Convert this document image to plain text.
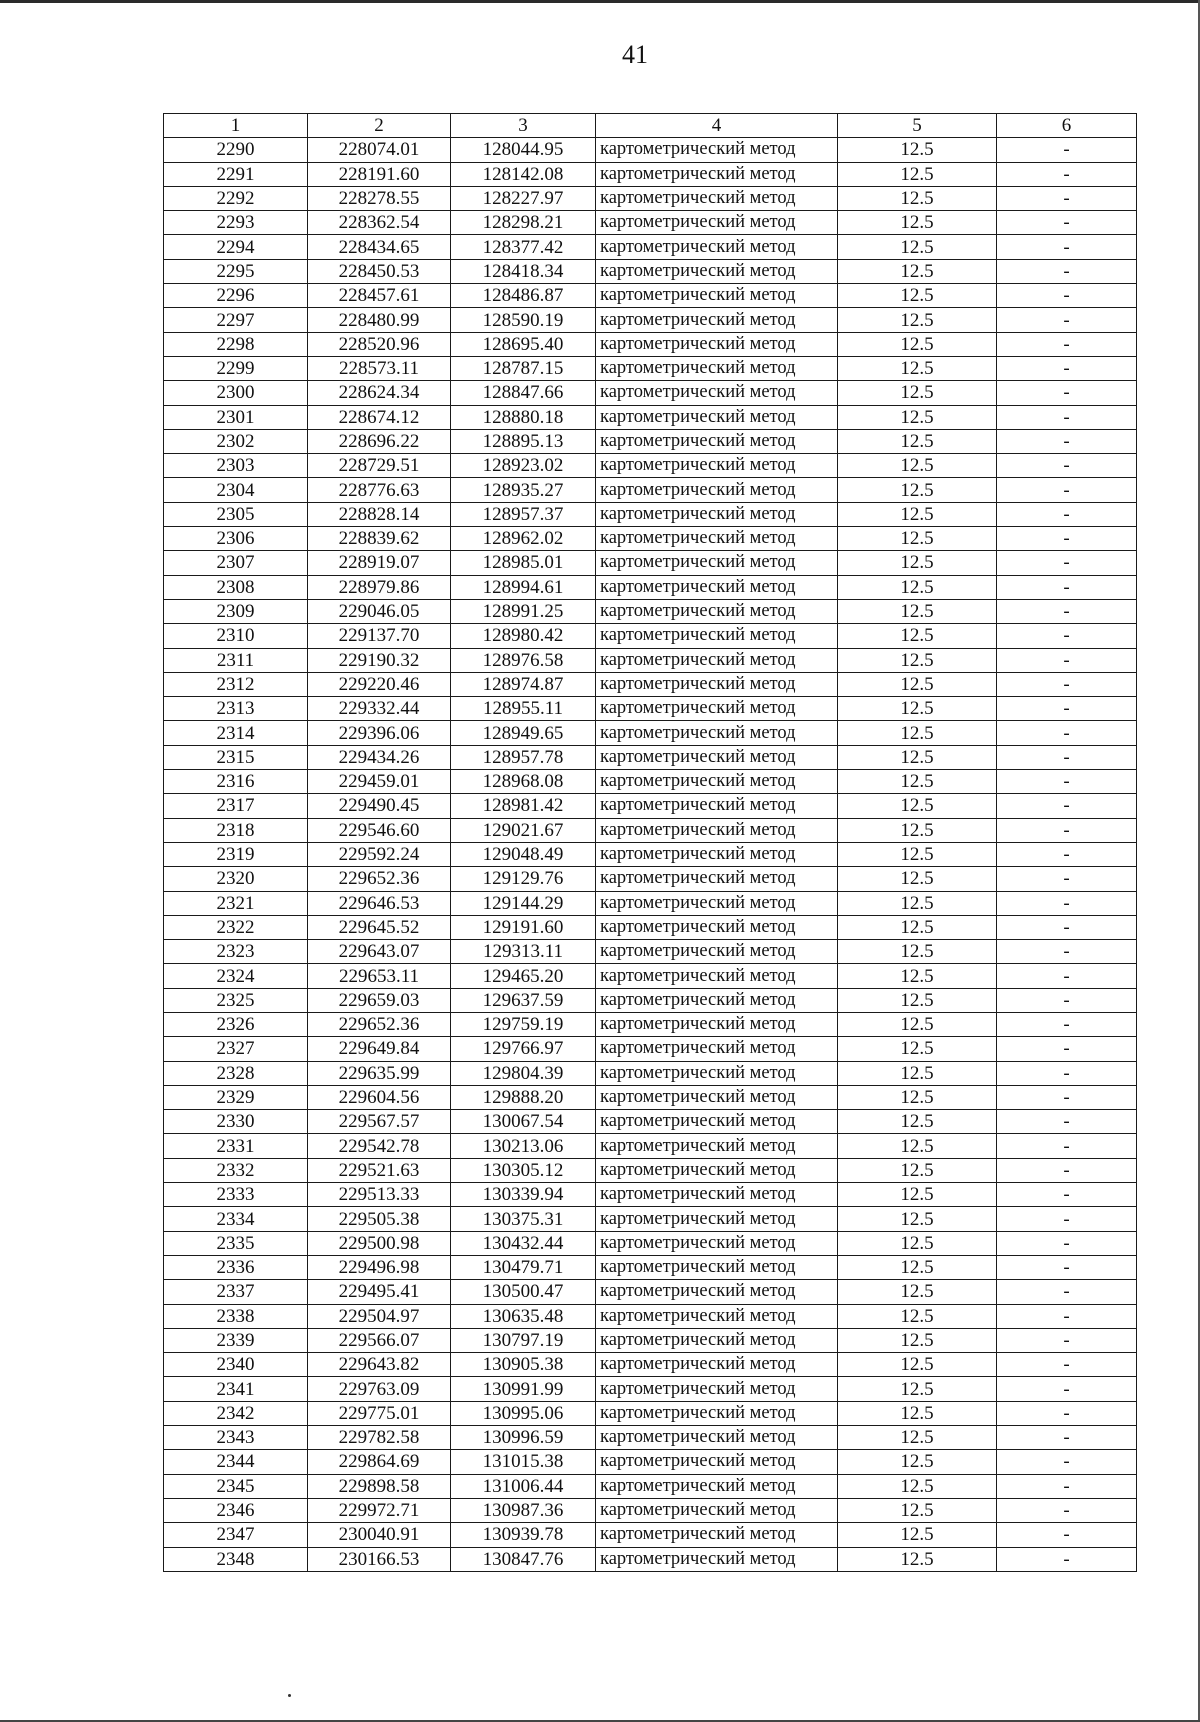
41
1	2	3	4	5	6
2290	228074.01	128044.95	картометрический метод	12.5	-
2291	228191.60	128142.08	картометрический метод	12.5	-
2292	228278.55	128227.97	картометрический метод	12.5	-
2293	228362.54	128298.21	картометрический метод	12.5	-
2294	228434.65	128377.42	картометрический метод	12.5	-
2295	228450.53	128418.34	картометрический метод	12.5	-
2296	228457.61	128486.87	картометрический метод	12.5	-
2297	228480.99	128590.19	картометрический метод	12.5	-
2298	228520.96	128695.40	картометрический метод	12.5	-
2299	228573.11	128787.15	картометрический метод	12.5	-
2300	228624.34	128847.66	картометрический метод	12.5	-
2301	228674.12	128880.18	картометрический метод	12.5	-
2302	228696.22	128895.13	картометрический метод	12.5	-
2303	228729.51	128923.02	картометрический метод	12.5	-
2304	228776.63	128935.27	картометрический метод	12.5	-
2305	228828.14	128957.37	картометрический метод	12.5	-
2306	228839.62	128962.02	картометрический метод	12.5	-
2307	228919.07	128985.01	картометрический метод	12.5	-
2308	228979.86	128994.61	картометрический метод	12.5	-
2309	229046.05	128991.25	картометрический метод	12.5	-
2310	229137.70	128980.42	картометрический метод	12.5	-
2311	229190.32	128976.58	картометрический метод	12.5	-
2312	229220.46	128974.87	картометрический метод	12.5	-
2313	229332.44	128955.11	картометрический метод	12.5	-
2314	229396.06	128949.65	картометрический метод	12.5	-
2315	229434.26	128957.78	картометрический метод	12.5	-
2316	229459.01	128968.08	картометрический метод	12.5	-
2317	229490.45	128981.42	картометрический метод	12.5	-
2318	229546.60	129021.67	картометрический метод	12.5	-
2319	229592.24	129048.49	картометрический метод	12.5	-
2320	229652.36	129129.76	картометрический метод	12.5	-
2321	229646.53	129144.29	картометрический метод	12.5	-
2322	229645.52	129191.60	картометрический метод	12.5	-
2323	229643.07	129313.11	картометрический метод	12.5	-
2324	229653.11	129465.20	картометрический метод	12.5	-
2325	229659.03	129637.59	картометрический метод	12.5	-
2326	229652.36	129759.19	картометрический метод	12.5	-
2327	229649.84	129766.97	картометрический метод	12.5	-
2328	229635.99	129804.39	картометрический метод	12.5	-
2329	229604.56	129888.20	картометрический метод	12.5	-
2330	229567.57	130067.54	картометрический метод	12.5	-
2331	229542.78	130213.06	картометрический метод	12.5	-
2332	229521.63	130305.12	картометрический метод	12.5	-
2333	229513.33	130339.94	картометрический метод	12.5	-
2334	229505.38	130375.31	картометрический метод	12.5	-
2335	229500.98	130432.44	картометрический метод	12.5	-
2336	229496.98	130479.71	картометрический метод	12.5	-
2337	229495.41	130500.47	картометрический метод	12.5	-
2338	229504.97	130635.48	картометрический метод	12.5	-
2339	229566.07	130797.19	картометрический метод	12.5	-
2340	229643.82	130905.38	картометрический метод	12.5	-
2341	229763.09	130991.99	картометрический метод	12.5	-
2342	229775.01	130995.06	картометрический метод	12.5	-
2343	229782.58	130996.59	картометрический метод	12.5	-
2344	229864.69	131015.38	картометрический метод	12.5	-
2345	229898.58	131006.44	картометрический метод	12.5	-
2346	229972.71	130987.36	картометрический метод	12.5	-
2347	230040.91	130939.78	картометрический метод	12.5	-
2348	230166.53	130847.76	картометрический метод	12.5	-
